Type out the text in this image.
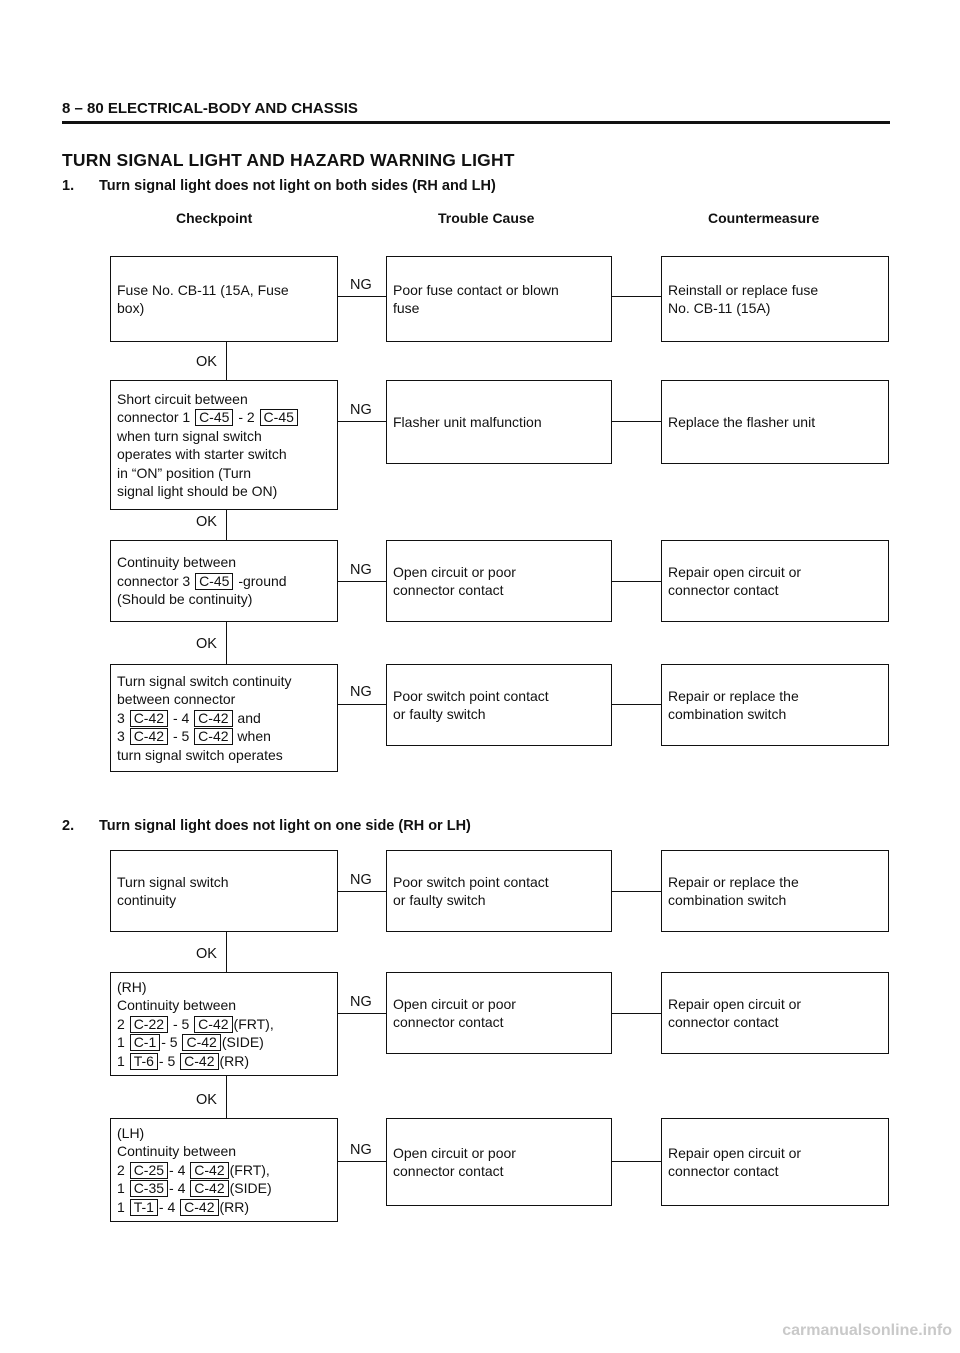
8 – 80 ELECTRICAL-BODY AND CHASSIS
TURN SIGNAL LIGHT AND HAZARD WARNING LIGHT
1. Turn signal light does not light on both sides (RH and LH)
Checkpoint	Trouble Cause	Countermeasure
Fuse No. CB-11 (15A, Fuse
box)
NG Poor fuse contact or blown
fuse
Reinstall or replace fuse
No. CB-11 (15A)
OK
Short circuit between
connector 1 C-45 - 2 C-45
when turn signal switch
operates with starter switch
in “ON” position (Turn
signal light should be ON)
NG
Flasher unit malfunction	Replace the flasher unit
OK
Continuity between
connector 3 C-45 -ground
(Should be continuity)
NG Open circuit or poor
connector contact
Repair open circuit or
connector contact
OK
Turn signal switch continuity
between connector
3 C-42 - 4 C-42 and
3 C-42 - 5 C-42 when
turn signal switch operates
NG Poor switch point contact
or faulty switch
Repair or replace the
combination switch
2. Turn signal light does not light on one side (RH or LH)
Turn signal switch
continuity
NG Poor switch point contact
or faulty switch
Repair or replace the
combination switch
OK
(RH)
Continuity between
2 C-22 - 5 C-42 (FRT),
1 C-1 - 5 C-42 (SIDE)
1 T-6 - 5 C-42 (RR)
NG Open circuit or poor
connector contact
Repair open circuit or
connector contact
OK
(LH)
Continuity between
2 C-25 - 4 C-42 (FRT),
1 C-35 - 4 C-42 (SIDE)
1 T-1 - 4 C-42 (RR)
NG Open circuit or poor
connector contact
Repair open circuit or
connector contact
carmanualsonline.info
